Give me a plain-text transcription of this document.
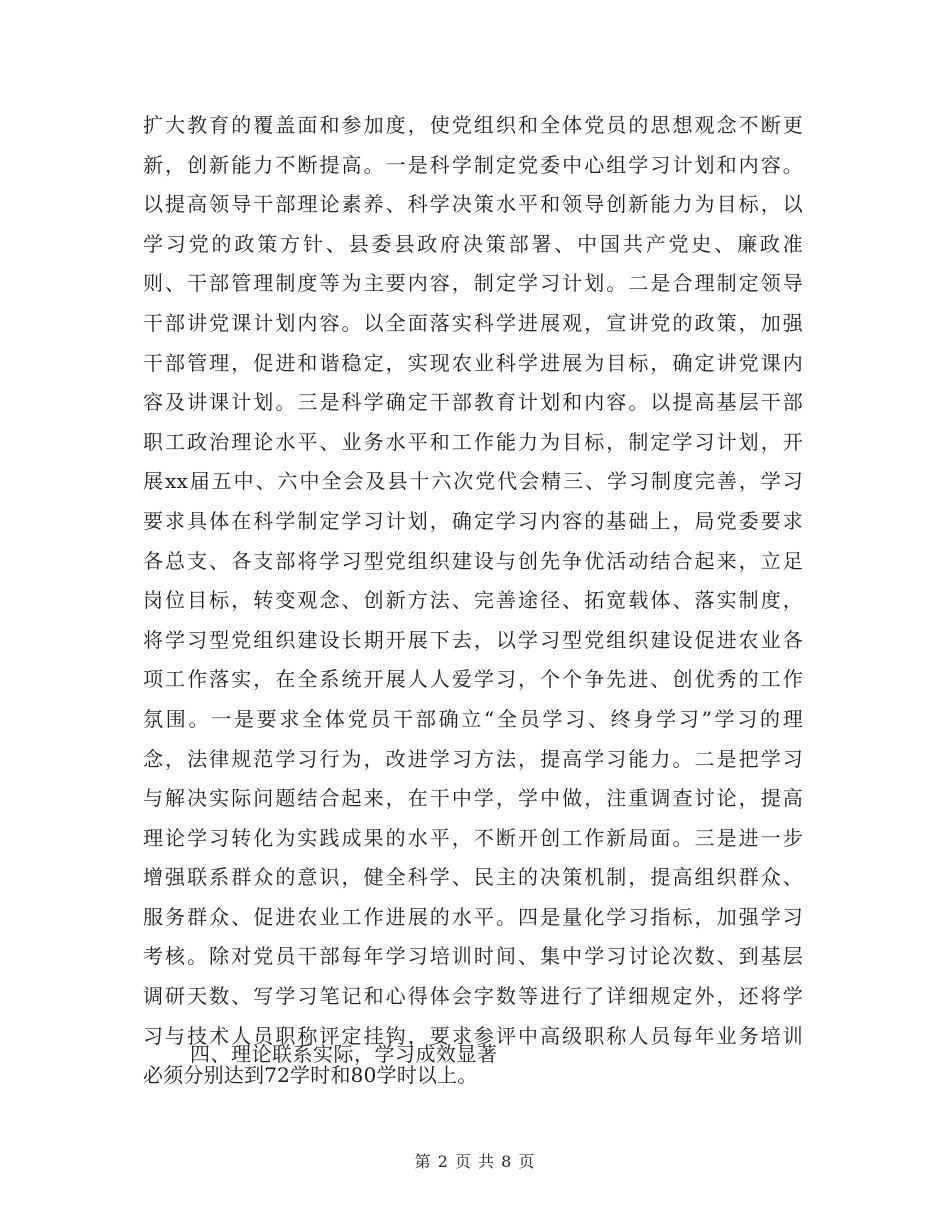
扩大教育的覆盖面和参加度，使党组织和全体党员的思想观念不断更
新，创新能力不断提高。一是科学制定党委中心组学习计划和内容。
以提高领导干部理论素养、科学决策水平和领导创新能力为目标，以
学习党的政策方针、县委县政府决策部署、中国共产党史、廉政准
则、干部管理制度等为主要内容，制定学习计划。二是合理制定领导
干部讲党课计划内容。以全面落实科学进展观，宣讲党的政策，加强
干部管理，促进和谐稳定，实现农业科学进展为目标，确定讲党课内
容及讲课计划。三是科学确定干部教育计划和内容。以提高基层干部
职工政治理论水平、业务水平和工作能力为目标，制定学习计划，开
展xx届五中、六中全会及县十六次党代会精三、学习制度完善，学习
要求具体在科学制定学习计划，确定学习内容的基础上，局党委要求
各总支、各支部将学习型党组织建设与创先争优活动结合起来，立足
岗位目标，转变观念、创新方法、完善途径、拓宽载体、落实制度，
将学习型党组织建设长期开展下去，以学习型党组织建设促进农业各
项工作落实，在全系统开展人人爱学习，个个争先进、创优秀的工作
氛围。一是要求全体党员干部确立“全员学习、终身学习”学习的理
念，法律规范学习行为，改进学习方法，提高学习能力。二是把学习
与解决实际问题结合起来，在干中学，学中做，注重调查讨论，提高
理论学习转化为实践成果的水平，不断开创工作新局面。三是进一步
增强联系群众的意识，健全科学、民主的决策机制，提高组织群众、
服务群众、促进农业工作进展的水平。四是量化学习指标，加强学习
考核。除对党员干部每年学习培训时间、集中学习讨论次数、到基层
调研天数、写学习笔记和心得体会字数等进行了详细规定外，还将学
习与技术人员职称评定挂钩，要求参评中高级职称人员每年业务培训
必须分别达到72学时和80学时以上。
四、理论联系实际，学习成效显著
第 2 页 共 8 页
